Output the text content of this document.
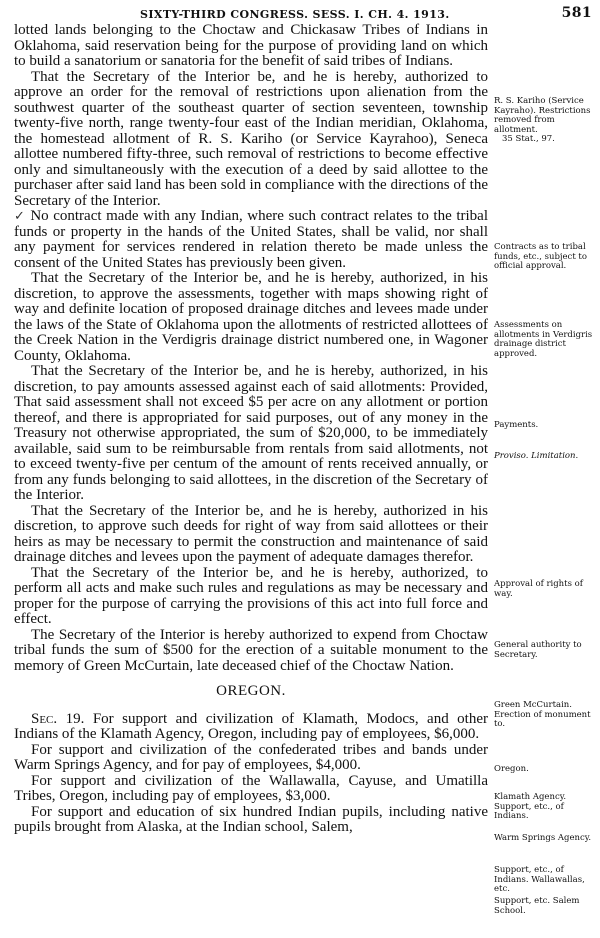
SIXTY-THIRD CONGRESS. SESS. I. CH. 4. 1913.	581

lotted lands belonging to the Choctaw and Chickasaw Tribes of Indians in Oklahoma, said reservation being for the purpose of providing land on which to build a sanatorium or sanatoria for the benefit of said tribes of Indians.

That the Secretary of the Interior be, and he is hereby, authorized to approve an order for the removal of restrictions upon alienation from the southwest quarter of the southeast quarter of section seventeen, township twenty-five north, range twenty-four east of the Indian meridian, Oklahoma, the homestead allotment of R. S. Kariho (or Service Kayrahoo), Seneca allottee numbered fifty-three, such removal of restrictions to become effective only and simultaneously with the execution of a deed by said allottee to the purchaser after said land has been sold in compliance with the directions of the Secretary of the Interior.

✓ No contract made with any Indian, where such contract relates to the tribal funds or property in the hands of the United States, shall be valid, nor shall any payment for services rendered in relation thereto be made unless the consent of the United States has previously been given.

That the Secretary of the Interior be, and he is hereby, authorized, in his discretion, to approve the assessments, together with maps showing right of way and definite location of proposed drainage ditches and levees made under the laws of the State of Oklahoma upon the allotments of restricted allottees of the Creek Nation in the Verdigris drainage district numbered one, in Wagoner County, Oklahoma.

That the Secretary of the Interior be, and he is hereby, authorized, in his discretion, to pay amounts assessed against each of said allotments: Provided, That said assessment shall not exceed $5 per acre on any allotment or portion thereof, and there is appropriated for said purposes, out of any money in the Treasury not otherwise appropriated, the sum of $20,000, to be immediately available, said sum to be reimbursable from rentals from said allotments, not to exceed twenty-five per centum of the amount of rents received annually, or from any funds belonging to said allottees, in the discretion of the Secretary of the Interior.

That the Secretary of the Interior be, and he is hereby, authorized in his discretion, to approve such deeds for right of way from said allottees or their heirs as may be necessary to permit the construction and maintenance of said drainage ditches and levees upon the payment of adequate damages therefor.

That the Secretary of the Interior be, and he is hereby, authorized, to perform all acts and make such rules and regulations as may be necessary and proper for the purpose of carrying the provisions of this act into full force and effect.

The Secretary of the Interior is hereby authorized to expend from Choctaw tribal funds the sum of $500 for the erection of a suitable monument to the memory of Green McCurtain, late deceased chief of the Choctaw Nation.

OREGON.

Sec. 19. For support and civilization of Klamath, Modocs, and other Indians of the Klamath Agency, Oregon, including pay of employees, $6,000.

For support and civilization of the confederated tribes and bands under Warm Springs Agency, and for pay of employees, $4,000.

For support and civilization of the Wallawalla, Cayuse, and Umatilla Tribes, Oregon, including pay of employees, $3,000.

For support and education of six hundred Indian pupils, including native pupils brought from Alaska, at the Indian school, Salem,

R. S. Kariho (Service Kayraho). Restrictions removed from allotment.
35 Stat., 97.
Contracts as to tribal funds, etc., subject to official approval.
Assessments on allotments in Verdigris drainage district approved.
Payments.
Proviso. Limitation.
Approval of rights of way.
General authority to Secretary.
Green McCurtain. Erection of monument to.
Oregon.
Klamath Agency. Support, etc., of Indians.
Warm Springs Agency.
Support, etc., of Indians. Wallawallas, etc.
Support, etc. Salem School.
